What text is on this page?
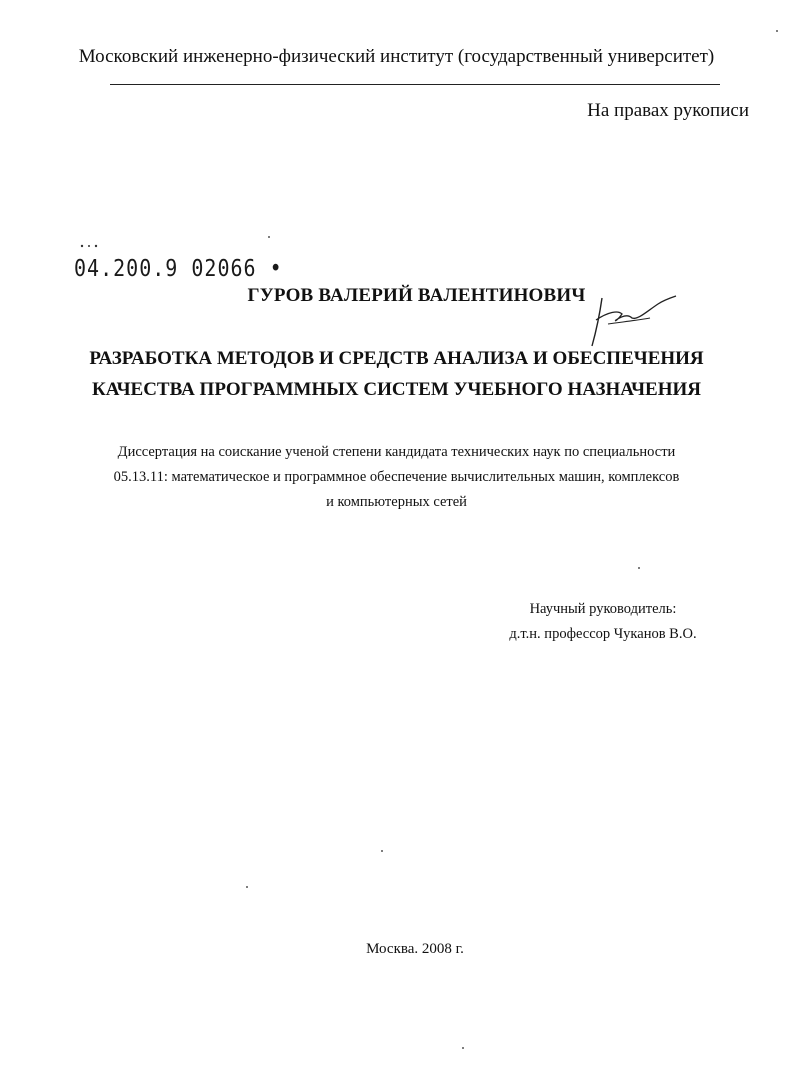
Московский инженерно-физический институт (государственный университет)
На правах рукописи
04.200.9 02066 •
ГУРОВ ВАЛЕРИЙ ВАЛЕНТИНОВИЧ
РАЗРАБОТКА МЕТОДОВ И СРЕДСТВ АНАЛИЗА И ОБЕСПЕЧЕНИЯ
КАЧЕСТВА ПРОГРАММНЫХ СИСТЕМ УЧЕБНОГО НАЗНАЧЕНИЯ
Диссертация на соискание ученой степени кандидата технических наук по специальности
05.13.11: математическое и программное обеспечение вычислительных машин, комплексов
и компьютерных сетей
Научный руководитель:
д.т.н. профессор Чуканов В.О.
Москва. 2008 г.
